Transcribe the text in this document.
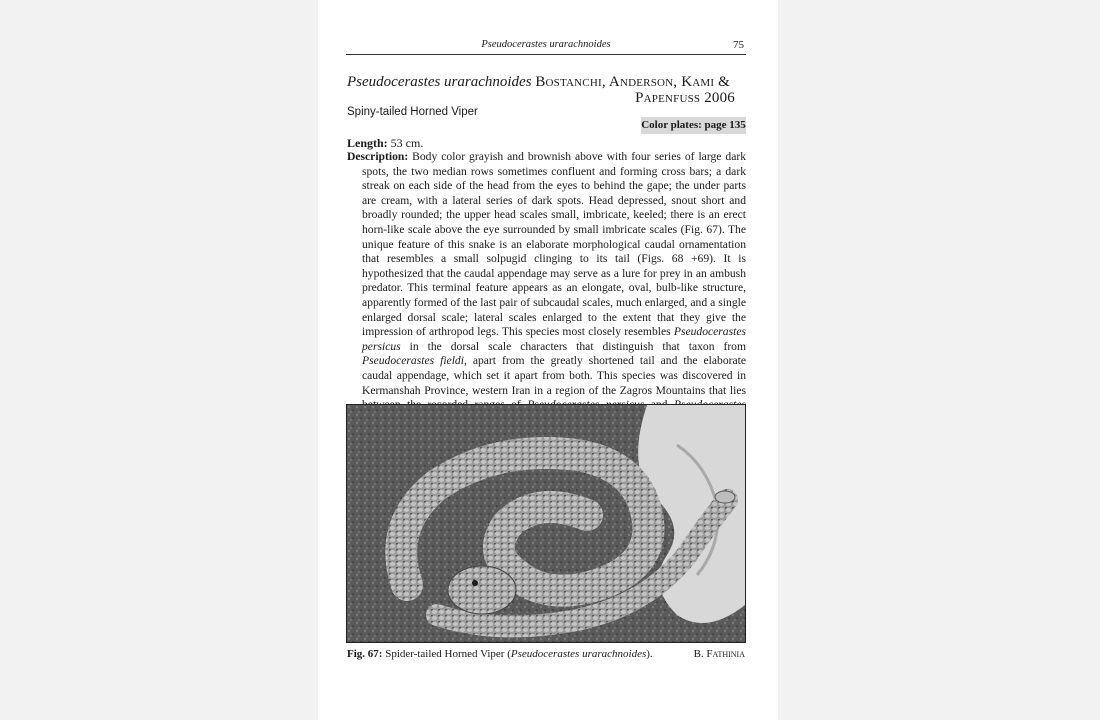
Pseudocerastes urarachnoides	75
Pseudocerastes urarachnoides Bostanchi, Anderson, Kami &
Papenfuss 2006
Spiny-tailed Horned Viper
Color plates: page 135
Length: 53 cm.
Description: Body color grayish and brownish above with four series of large dark spots, the two median rows sometimes confluent and forming cross bars; a dark streak on each side of the head from the eyes to behind the gape; the under parts are cream, with a lateral series of dark spots. Head depressed, snout short and broadly rounded; the upper head scales small, imbricate, keeled; there is an erect horn-like scale above the eye surrounded by small imbricate scales (Fig. 67). The unique feature of this snake is an elaborate morphological caudal ornamentation that resembles a small solpugid clinging to its tail (Figs. 68 +69). It is hypothesized that the caudal appendage may serve as a lure for prey in an ambush predator. This terminal feature appears as an elongate, oval, bulb-like structure, apparently formed of the last pair of subcaudal scales, much enlarged, and a single enlarged dorsal scale; lateral scales enlarged to the extent that they give the impression of arthropod legs. This species most closely resembles Pseudocerastes persicus in the dorsal scale characters that distinguish that taxon from Pseudocerastes fieldi, apart from the greatly shortened tail and the elaborate caudal appendage, which set it apart from both. This species was discovered in Kermanshah Province, western Iran in a region of the Zagros Mountains that lies
Fig. 67: Spider-tailed Horned Viper (Pseudocerastes urarachnoides).	B. Fathinia
